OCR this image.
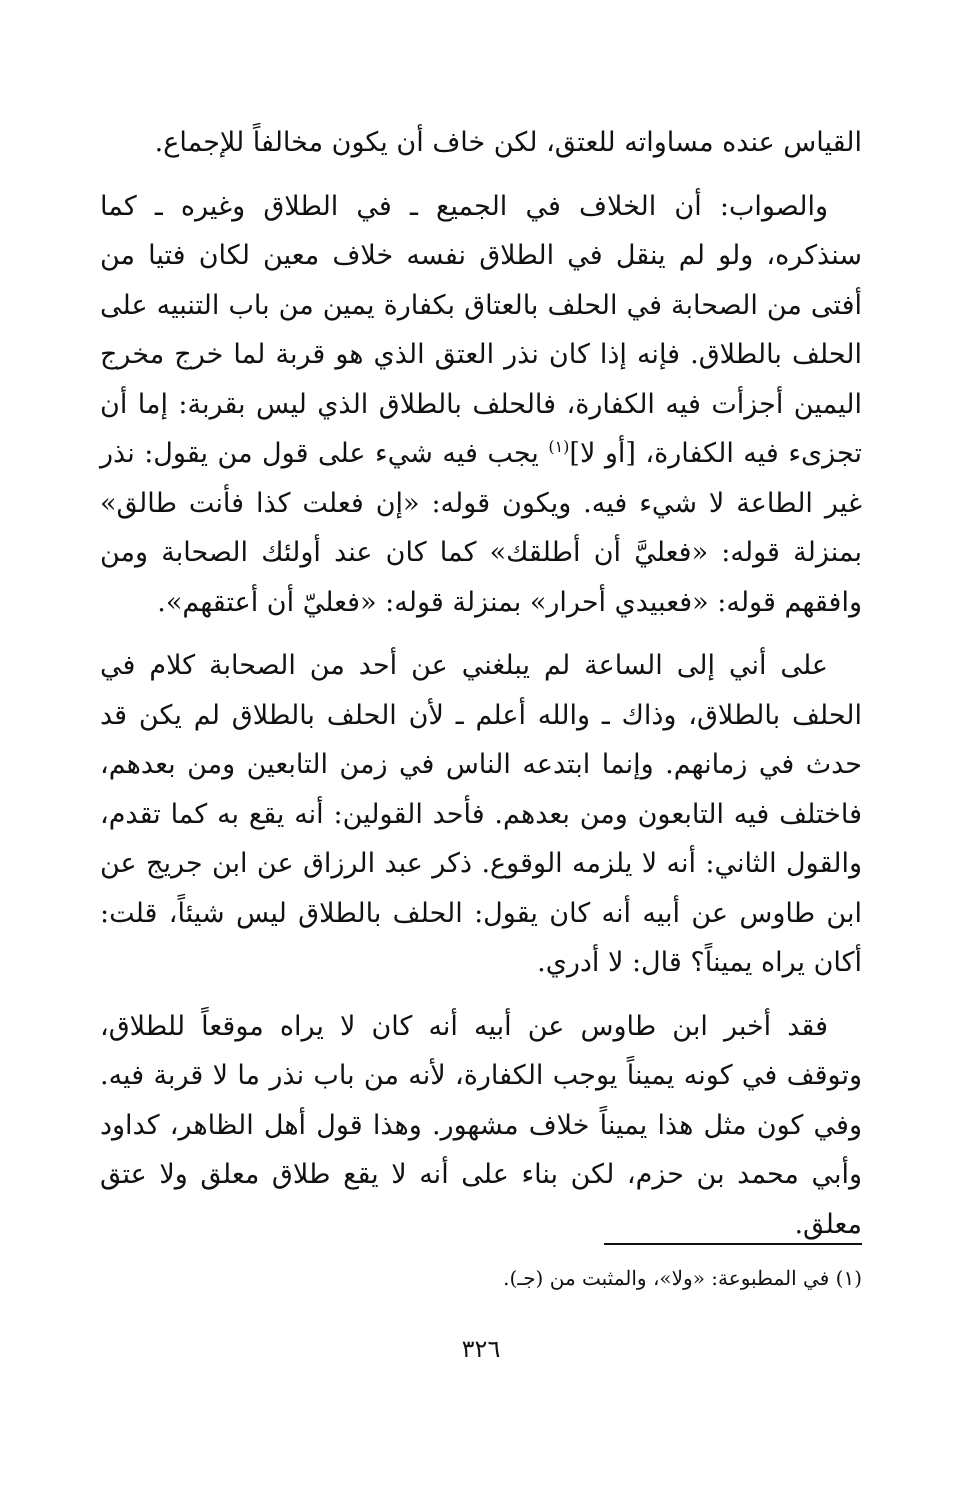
القياس عنده مساواته للعتق، لكن خاف أن يكون مخالفاً للإجماع.

والصواب: أن الخلاف في الجميع ـ في الطلاق وغيره ـ كما سنذكره، ولو لم ينقل في الطلاق نفسه خلاف معين لكان فتيا من أفتى من الصحابة في الحلف بالعتاق بكفارة يمين من باب التنبيه على الحلف بالطلاق. فإنه إذا كان نذر العتق الذي هو قربة لما خرج مخرج اليمين أجزأت فيه الكفارة، فالحلف بالطلاق الذي ليس بقربة: إما أن تجزىء فيه الكفارة، [أو لا]$^{(١)}$ يجب فيه شيء على قول من يقول: نذر غير الطاعة لا شيء فيه. ويكون قوله: «إن فعلت كذا فأنت طالق» بمنزلة قوله: «فعليَّ أن أطلقك» كما كان عند أولئك الصحابة ومن وافقهم قوله: «فعبيدي أحرار» بمنزلة قوله: «فعليّ أن أعتقهم».

على أني إلى الساعة لم يبلغني عن أحد من الصحابة كلام في الحلف بالطلاق، وذاك ـ والله أعلم ـ لأن الحلف بالطلاق لم يكن قد حدث في زمانهم. وإنما ابتدعه الناس في زمن التابعين ومن بعدهم، فاختلف فيه التابعون ومن بعدهم. فأحد القولين: أنه يقع به كما تقدم، والقول الثاني: أنه لا يلزمه الوقوع. ذكر عبد الرزاق عن ابن جريج عن ابن طاوس عن أبيه أنه كان يقول: الحلف بالطلاق ليس شيئاً، قلت: أكان يراه يميناً؟ قال: لا أدري.

فقد أخبر ابن طاوس عن أبيه أنه كان لا يراه موقعاً للطلاق، وتوقف في كونه يميناً يوجب الكفارة، لأنه من باب نذر ما لا قربة فيه. وفي كون مثل هذا يميناً خلاف مشهور. وهذا قول أهل الظاهر، كداود وأبي محمد بن حزم، لكن بناء على أنه لا يقع طلاق معلق ولا عتق معلق.

(١) في المطبوعة: «ولا»، والمثبت من (جـ).
٣٢٦
